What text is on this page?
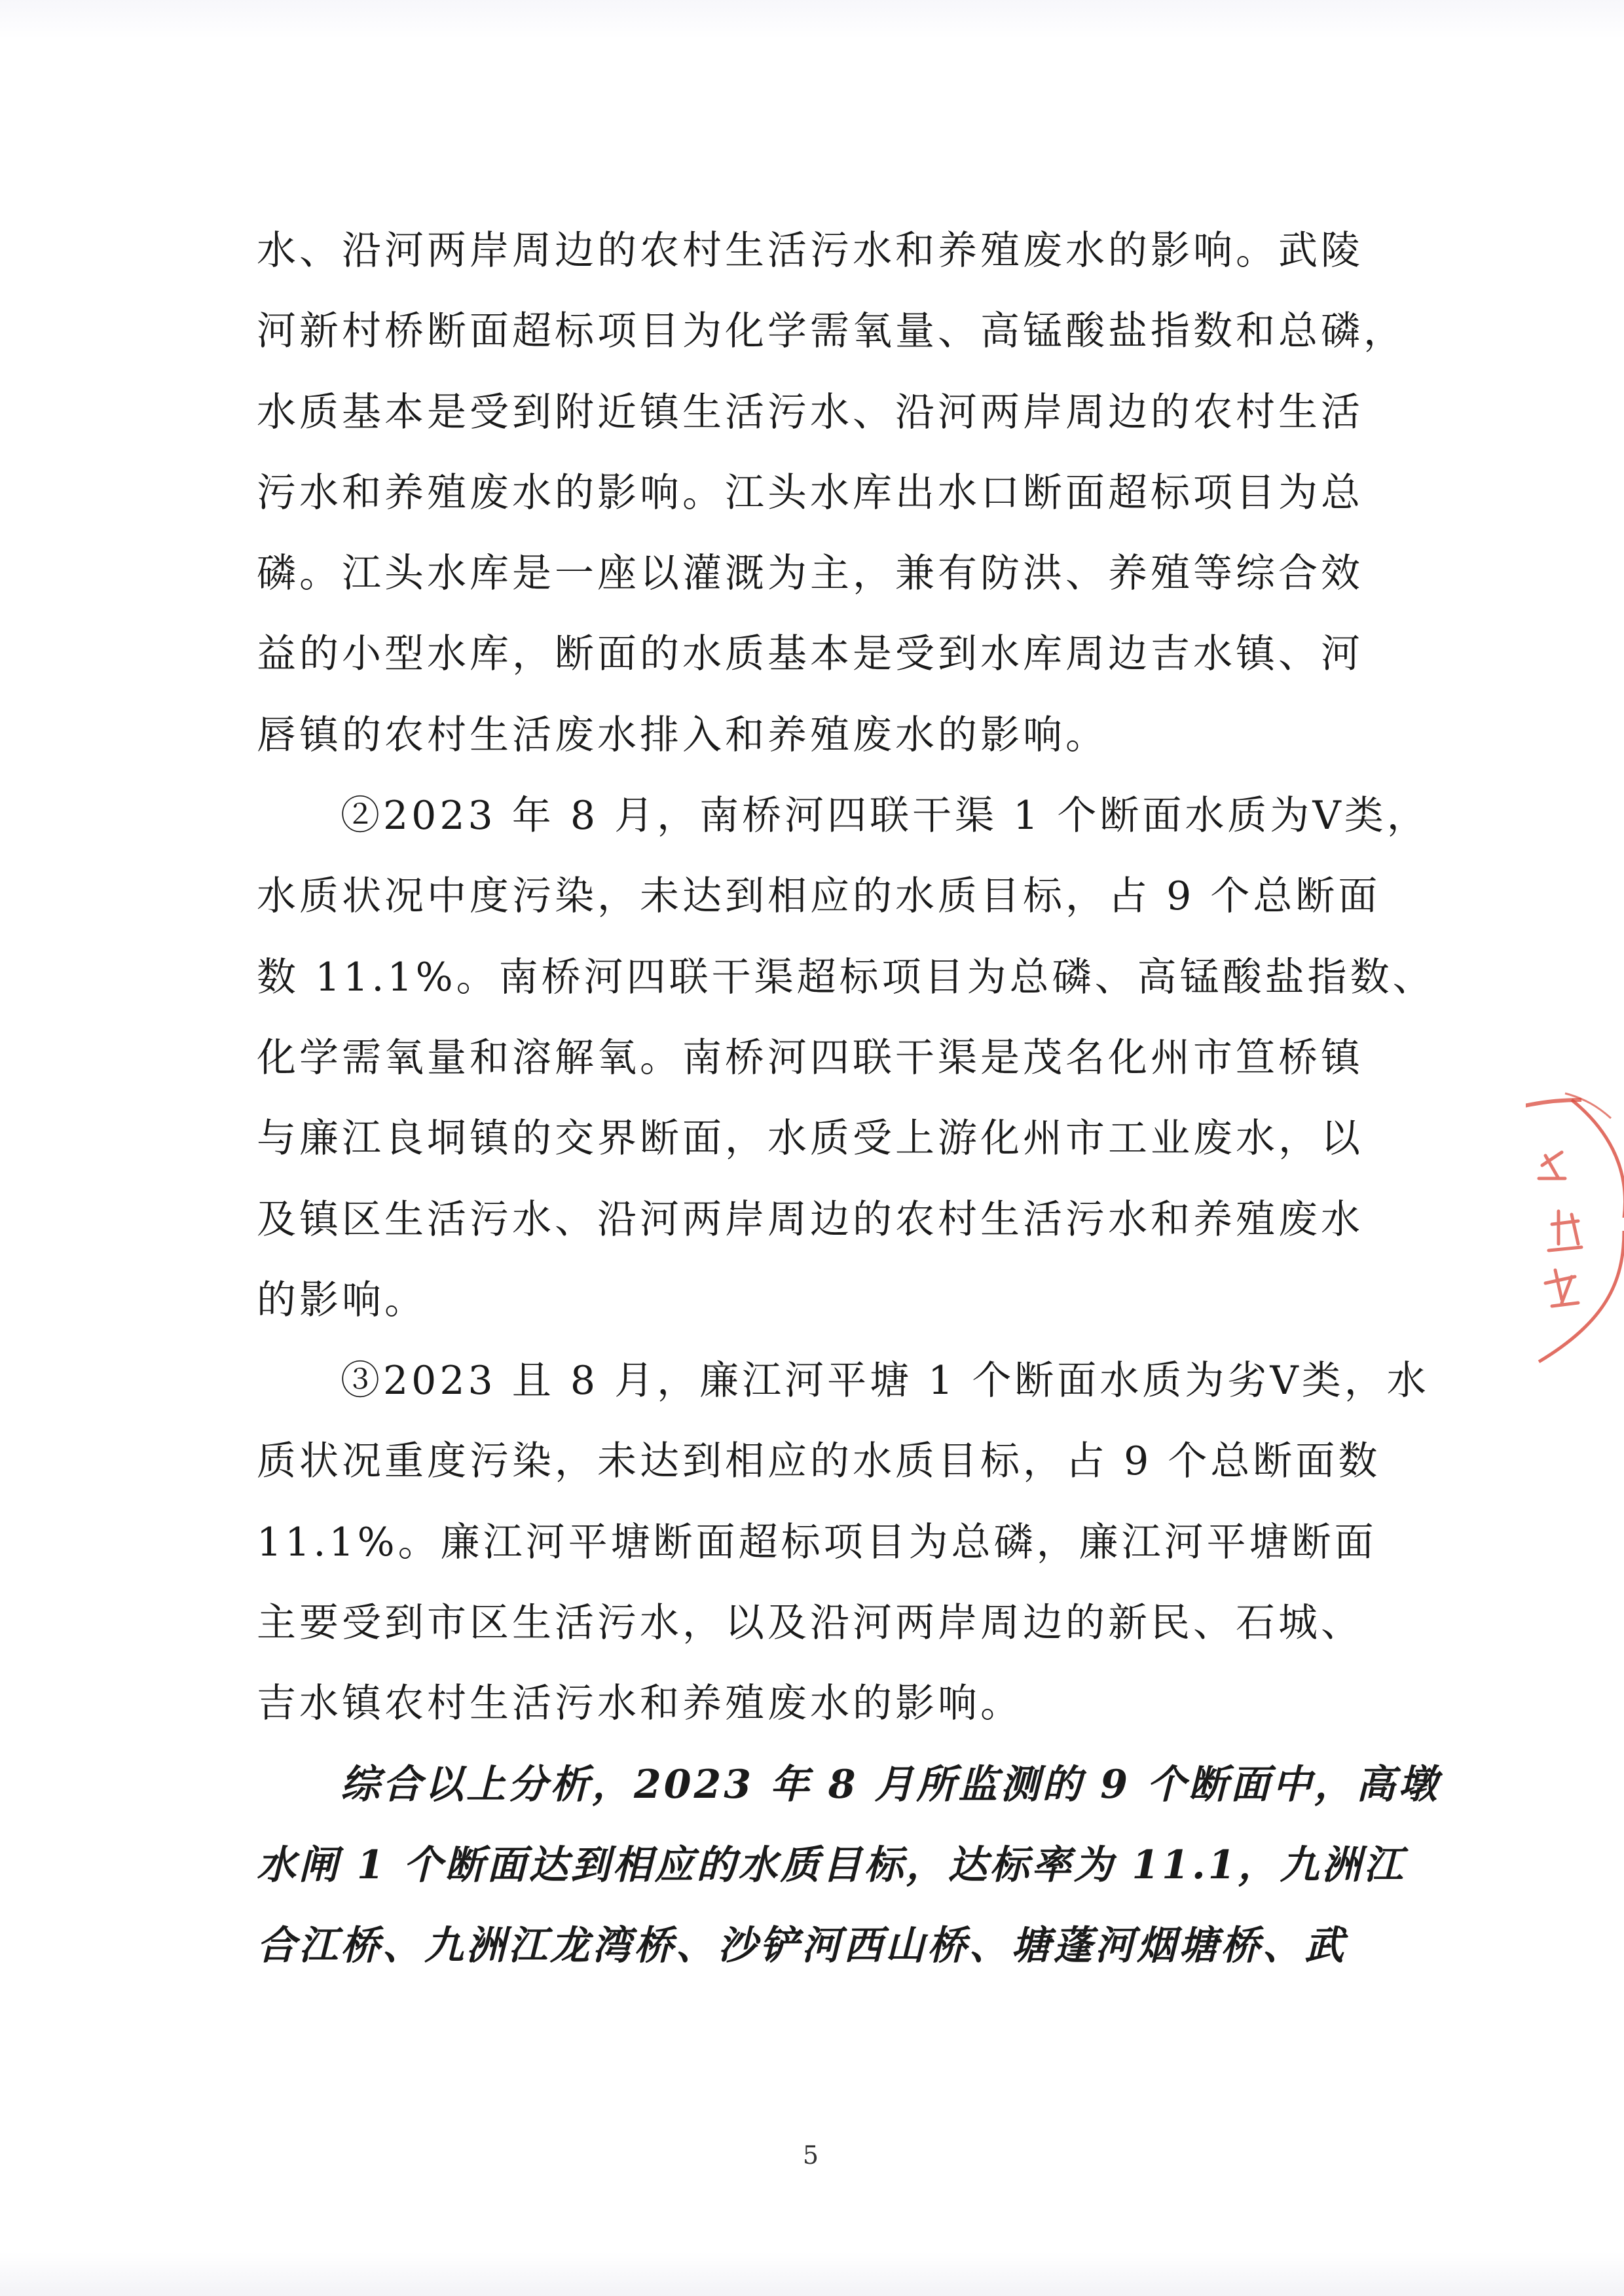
水、沿河两岸周边的农村生活污水和养殖废水的影响。武陵
河新村桥断面超标项目为化学需氧量、高锰酸盐指数和总磷，
水质基本是受到附近镇生活污水、沿河两岸周边的农村生活
污水和养殖废水的影响。江头水库出水口断面超标项目为总
磷。江头水库是一座以灌溉为主，兼有防洪、养殖等综合效
益的小型水库，断面的水质基本是受到水库周边吉水镇、河
唇镇的农村生活废水排入和养殖废水的影响。
②2023 年 8 月，南桥河四联干渠 1 个断面水质为Ⅴ类，
水质状况中度污染，未达到相应的水质目标，占 9 个总断面
数 11.1%。南桥河四联干渠超标项目为总磷、高锰酸盐指数、
化学需氧量和溶解氧。南桥河四联干渠是茂名化州市笪桥镇
与廉江良垌镇的交界断面，水质受上游化州市工业废水，以
及镇区生活污水、沿河两岸周边的农村生活污水和养殖废水
的影响。
③2023 且 8 月，廉江河平塘 1 个断面水质为劣Ⅴ类，水
质状况重度污染，未达到相应的水质目标，占 9 个总断面数
11.1%。廉江河平塘断面超标项目为总磷，廉江河平塘断面
主要受到市区生活污水，以及沿河两岸周边的新民、石城、
吉水镇农村生活污水和养殖废水的影响。
综合以上分析，2023 年 8 月所监测的 9 个断面中，高墩
水闸 1 个断面达到相应的水质目标，达标率为 11.1，九洲江
合江桥、九洲江龙湾桥、沙铲河西山桥、塘蓬河烟塘桥、武
5
